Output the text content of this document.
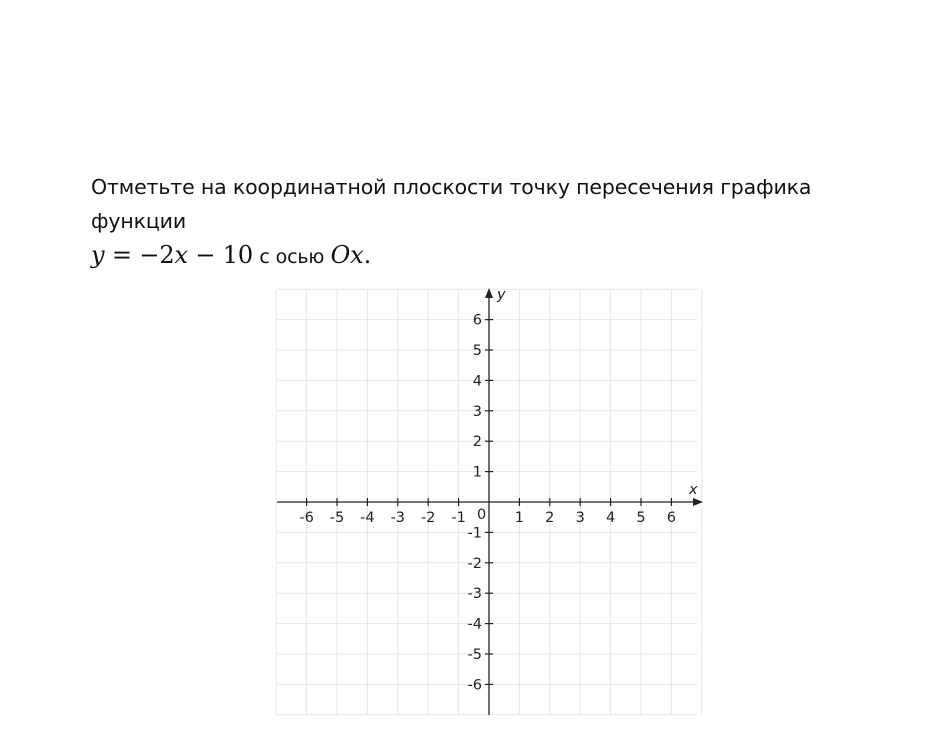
Отметьте на координатной плоскости точку пересечения графика функции
y = −2x − 10 с осью Ox.
-6 -5 -4 -3 -2 -1	1 2 3 4 5 6
-6
-5
-4
-3
-2
-1
1
2
3
4
5
6
0
x
y
